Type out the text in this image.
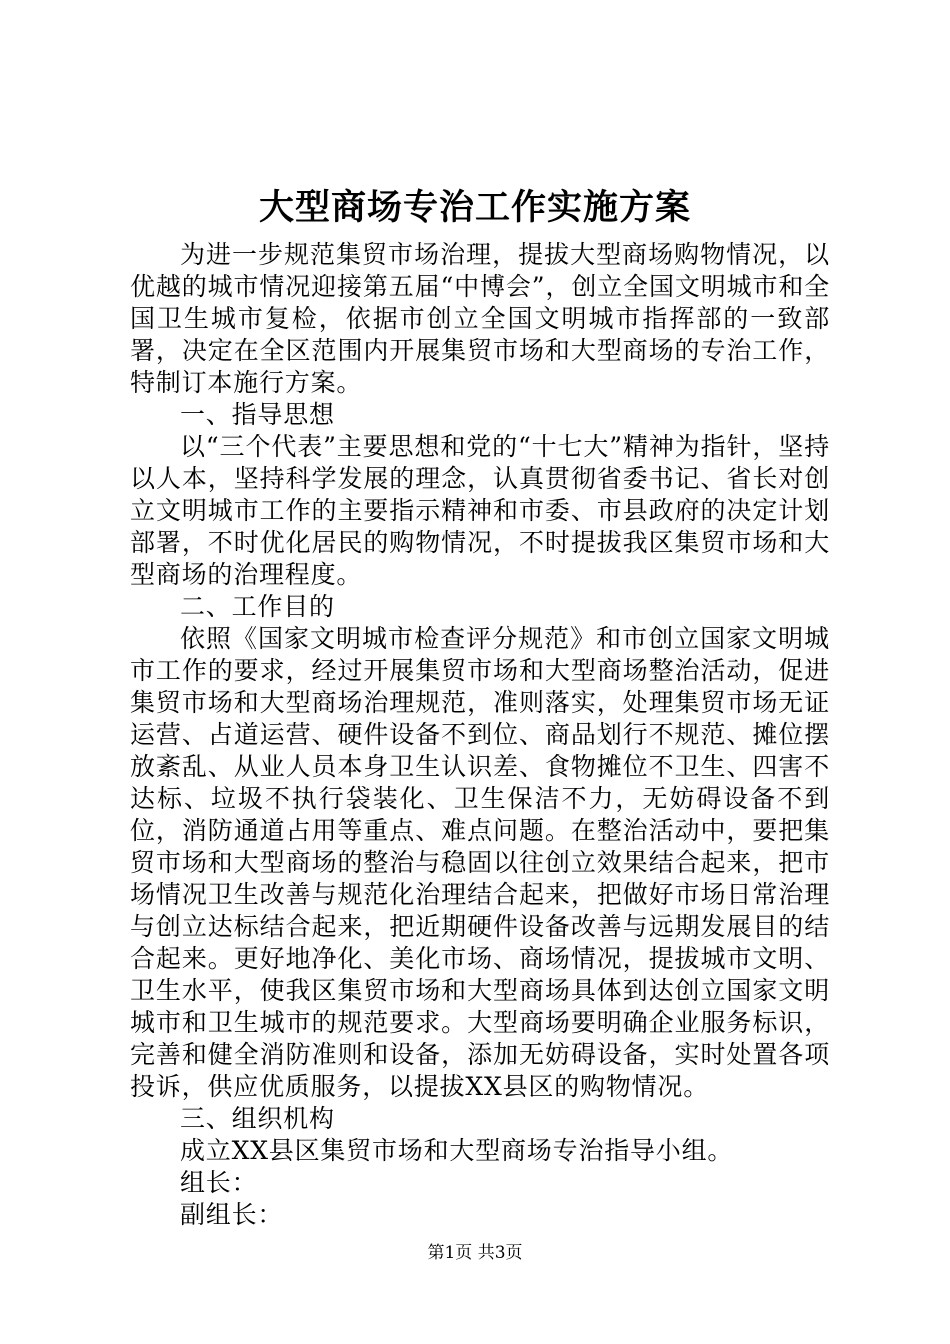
大型商场专治工作实施方案

为进一步规范集贸市场治理，提拔大型商场购物情况，以优越的城市情况迎接第五届“中博会”，创立全国文明城市和全国卫生城市复检，依据市创立全国文明城市指挥部的一致部署，决定在全区范围内开展集贸市场和大型商场的专治工作，特制订本施行方案。

一、指导思想

以“三个代表”主要思想和党的“十七大”精神为指针，坚持以人本，坚持科学发展的理念，认真贯彻省委书记、省长对创立文明城市工作的主要指示精神和市委、市县政府的决定计划部署，不时优化居民的购物情况，不时提拔我区集贸市场和大型商场的治理程度。

二、工作目的

依照《国家文明城市检查评分规范》和市创立国家文明城市工作的要求，经过开展集贸市场和大型商场整治活动，促进集贸市场和大型商场治理规范，准则落实，处理集贸市场无证运营、占道运营、硬件设备不到位、商品划行不规范、摊位摆放紊乱、从业人员本身卫生认识差、食物摊位不卫生、四害不达标、垃圾不执行袋装化、卫生保洁不力，无妨碍设备不到位，消防通道占用等重点、难点问题。在整治活动中，要把集贸市场和大型商场的整治与稳固以往创立效果结合起来，把市场情况卫生改善与规范化治理结合起来，把做好市场日常治理与创立达标结合起来，把近期硬件设备改善与远期发展目的结合起来。更好地净化、美化市场、商场情况，提拔城市文明、卫生水平，使我区集贸市场和大型商场具体到达创立国家文明城市和卫生城市的规范要求。大型商场要明确企业服务标识，完善和健全消防准则和设备，添加无妨碍设备，实时处置各项投诉，供应优质服务，以提拔XX县区的购物情况。

三、组织机构

成立XX县区集贸市场和大型商场专治指导小组。

组长：

副组长：

第1页 共3页
